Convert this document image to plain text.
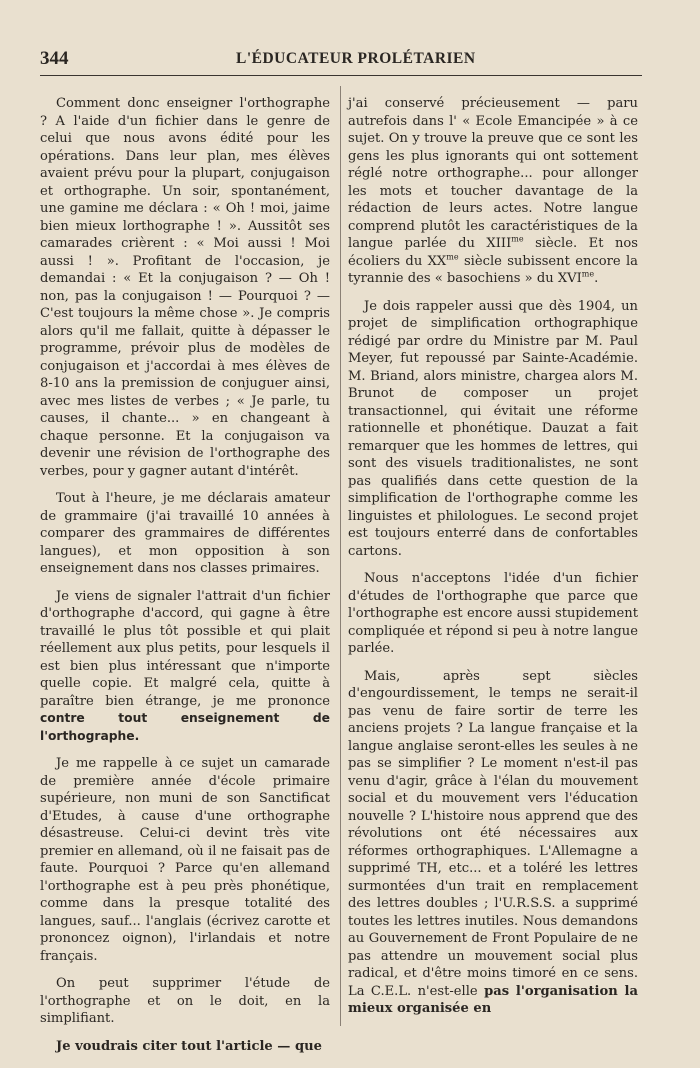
344	L'ÉDUCATEUR PROLÉTARIEN

Comment donc enseigner l'orthographe ? A l'aide d'un fichier dans le genre de celui que nous avons édité pour les opérations. Dans leur plan, mes élèves avaient prévu pour la plupart, conjugaison et orthographe. Un soir, spontanément, une gamine me déclara : « Oh ! moi, jaime bien mieux lorthographe ! ». Aussitôt ses camarades crièrent : « Moi aussi ! Moi aussi ! ». Profitant de l'occasion, je demandai : « Et la conjugaison ? — Oh ! non, pas la conjugaison ! — Pourquoi ? — C'est toujours la même chose ». Je compris alors qu'il me fallait, quitte à dépasser le programme, prévoir plus de modèles de conjugaison et j'accordai à mes élèves de 8-10 ans la premission de conjuguer ainsi, avec mes listes de verbes ; « Je parle, tu causes, il chante... » en changeant à chaque personne. Et la conjugaison va devenir une révision de l'orthographe des verbes, pour y gagner autant d'intérêt.

Tout à l'heure, je me déclarais amateur de grammaire (j'ai travaillé 10 années à comparer des grammaires de différentes langues), et mon opposition à son enseignement dans nos classes primaires.

Je viens de signaler l'attrait d'un fichier d'orthographe d'accord, qui gagne à être travaillé le plus tôt possible et qui plait réellement aux plus petits, pour lesquels il est bien plus intéressant que n'importe quelle copie. Et malgré cela, quitte à paraître bien étrange, je me prononce contre tout enseignement de l'orthographe.

Je me rappelle à ce sujet un camarade de première année d'école primaire supérieure, non muni de son Sanctificat d'Etudes, à cause d'une orthographe désastreuse. Celui-ci devint très vite premier en allemand, où il ne faisait pas de faute. Pourquoi ? Parce qu'en allemand l'orthographe est à peu près phonétique, comme dans la presque totalité des langues, sauf... l'anglais (écrivez carotte et prononcez oignon), l'irlandais et notre français.

On peut supprimer l'étude de l'orthographe et on le doit, en la simplifiant.

Je voudrais citer tout l'article — que

j'ai conservé précieusement — paru autrefois dans l' « Ecole Emancipée » à ce sujet. On y trouve la preuve que ce sont les gens les plus ignorants qui ont sottement réglé notre orthographe... pour allonger les mots et toucher davantage de la rédaction de leurs actes. Notre langue comprend plutôt les caractéristiques de la langue parlée du $XIII^{me}$ siècle. Et nos écoliers du $XX^{me}$ siècle subissent encore la tyrannie des « basochiens » du $XVI^{me}$.

Je dois rappeler aussi que dès 1904, un projet de simplification orthographique rédigé par ordre du Ministre par M. Paul Meyer, fut repoussé par Sainte-Académie. M. Briand, alors ministre, chargea alors M. Brunot de composer un projet transactionnel, qui évitait une réforme rationnelle et phonétique. Dauzat a fait remarquer que les hommes de lettres, qui sont des visuels traditionalistes, ne sont pas qualifiés dans cette question de la simplification de l'orthographe comme les linguistes et philologues. Le second projet est toujours enterré dans de confortables cartons.

Nous n'acceptons l'idée d'un fichier d'études de l'orthographe que parce que l'orthographe est encore aussi stupidement compliquée et répond si peu à notre langue parlée.

Mais, après sept siècles d'engourdissement, le temps ne serait-il pas venu de faire sortir de terre les anciens projets ? La langue française et la langue anglaise seront-elles les seules à ne pas se simplifier ? Le moment n'est-il pas venu d'agir, grâce à l'élan du mouvement social et du mouvement vers l'éducation nouvelle ? L'histoire nous apprend que des révolutions ont été nécessaires aux réformes orthographiques. L'Allemagne a supprimé TH, etc... et a toléré les lettres surmontées d'un trait en remplacement des lettres doubles ; l'U.R.S.S. a supprimé toutes les lettres inutiles. Nous demandons au Gouvernement de Front Populaire de ne pas attendre un mouvement social plus radical, et d'être moins timoré en ce sens. La C.E.L. n'est-elle pas l'organisation la mieux organisée en
